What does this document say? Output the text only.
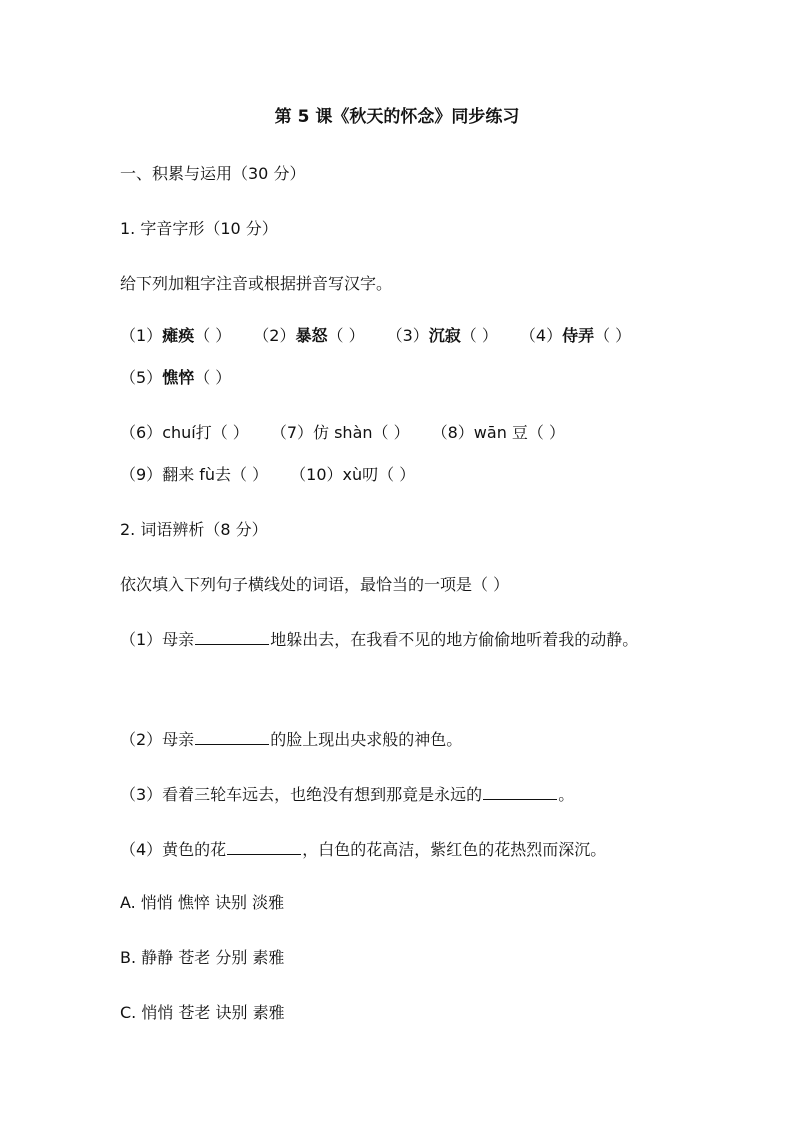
第 5 课《秋天的怀念》同步练习
一、积累与运用（30 分）
1. 字音字形（10 分）
给下列加粗字注音或根据拼音写汉字。
（1）瘫痪（ ） （2）暴怒（ ） （3）沉寂（ ） （4）侍弄（ ）（5）憔悴（ ）
（6）chuí打（ ） （7）仿 shàn（ ） （8）wān 豆（ ）（9）翻来 fù去（ ） （10）xù叨（ ）
2. 词语辨析（8 分）
依次填入下列句子横线处的词语，最恰当的一项是（ ）
（1）母亲	地躲出去，在我看不见的地方偷偷地听着我的动静。
（2）母亲	的脸上现出央求般的神色。
（3）看着三轮车远去，也绝没有想到那竟是永远的	。
（4）黄色的花	，白色的花高洁，紫红色的花热烈而深沉。
A. 悄悄 憔悴 诀别 淡雅
B. 静静 苍老 分别 素雅
C. 悄悄 苍老 诀别 素雅
